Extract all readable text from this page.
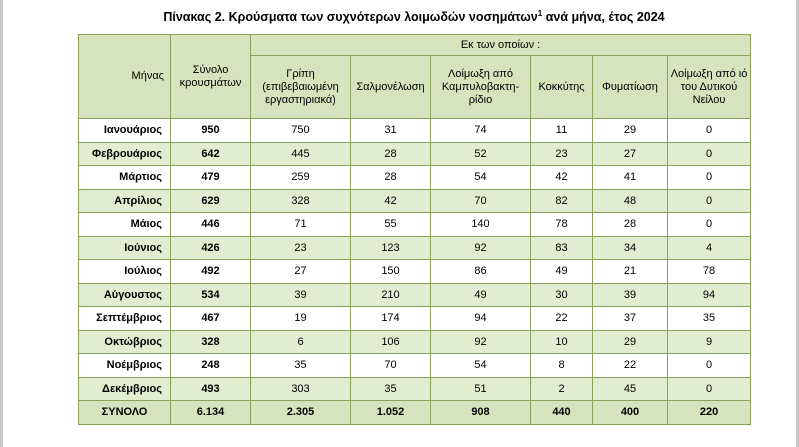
Πίνακας 2. Κρούσματα των συχνότερων λοιμωδών νοσημάτων$^1$ ανά μήνα, έτος 2024
Μήνας	Σύνολο κρουσμάτων	Εκ των οποίων :					
		Γρίπη (επιβεβαιωμένη εργαστηριακά)	Σαλμονέλωση	Λοίμωξη από Καμπυλοβακτη-ρίδιο	Κοκκύτης	Φυματίωση	Λοίμωξη από ιό του Δυτικού Νείλου
Ιανουάριος	950	750	31	74	11	29	0
Φεβρουάριος	642	445	28	52	23	27	0
Μάρτιος	479	259	28	54	42	41	0
Απρίλιος	629	328	42	70	82	48	0
Μάιος	446	71	55	140	78	28	0
Ιούνιος	426	23	123	92	83	34	4
Ιούλιος	492	27	150	86	49	21	78
Αύγουστος	534	39	210	49	30	39	94
Σεπτέμβριος	467	19	174	94	22	37	35
Οκτώβριος	328	6	106	92	10	29	9
Νοέμβριος	248	35	70	54	8	22	0
Δεκέμβριος	493	303	35	51	2	45	0
ΣΥΝΟΛΟ	6.134	2.305	1.052	908	440	400	220
